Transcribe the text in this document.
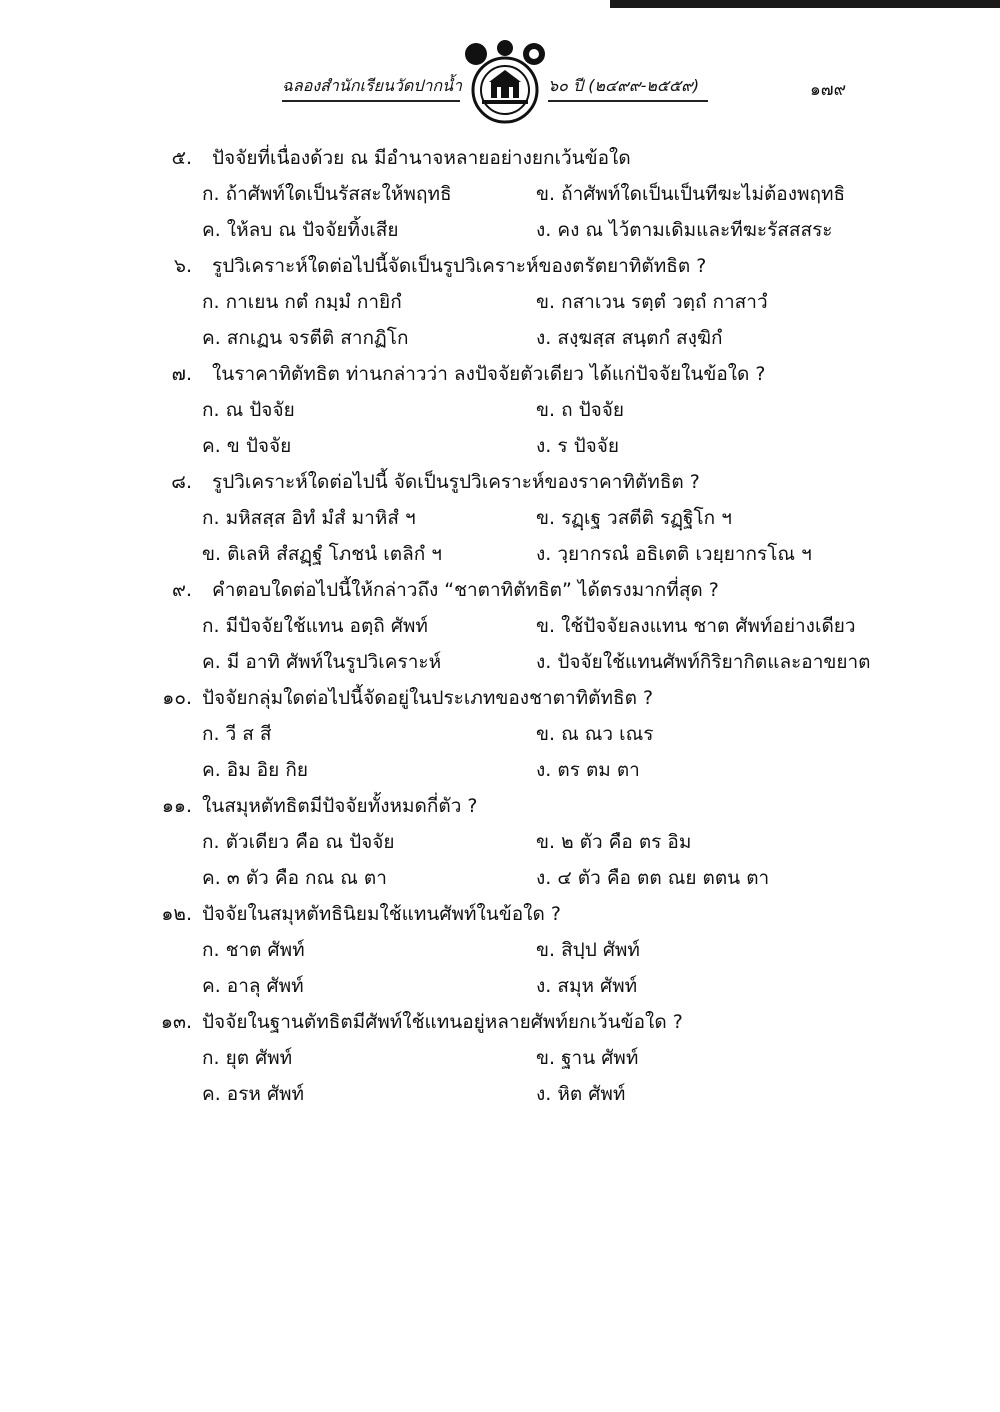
ฉลองสำนักเรียนวัดปากน้ำ	๖๐ ปี (๒๔๙๙-๒๕๕๙)	๑๗๙
๕. ปัจจัยที่เนื่องด้วย ณ มีอำนาจหลายอย่างยกเว้นข้อใด
ก. ถ้าศัพท์ใดเป็นรัสสะให้พฤทธิ	ข. ถ้าศัพท์ใดเป็นเป็นทีฆะไม่ต้องพฤทธิ
ค. ให้ลบ ณ ปัจจัยทิ้งเสีย	ง. คง ณ ไว้ตามเดิมและทีฆะรัสสสระ
๖. รูปวิเคราะห์ใดต่อไปนี้จัดเป็นรูปวิเคราะห์ของตรัตยาทิตัทธิต ?
ก. กาเยน กตํ กมฺมํ กายิกํ	ข. กสาเวน รตฺตํ วตฺถํ กาสาวํ
ค. สกเฏน จรตีติ สากฏิโก	ง. สงฺฆสฺส สนฺตกํ สงฺฆิกํ
๗. ในราคาทิตัทธิต ท่านกล่าวว่า ลงปัจจัยตัวเดียว ได้แก่ปัจจัยในข้อใด ?
ก. ณ ปัจจัย	ข. ถ ปัจจัย
ค. ข ปัจจัย	ง. ร ปัจจัย
๘. รูปวิเคราะห์ใดต่อไปนี้ จัดเป็นรูปวิเคราะห์ของราคาทิตัทธิต ?
ก. มหิสสฺส อิทํ มํสํ มาหิสํ ฯ	ข. รฏฺเฐ วสตีติ รฏฺฐิโก ฯ
ข. ติเลหิ สํสฏฺฐํ โภชนํ เตลิกํ ฯ	ง. วฺยากรณํ อธิเตติ เวยฺยากรโณ ฯ
๙. คำตอบใดต่อไปนี้ให้กล่าวถึง “ชาตาทิตัทธิต” ได้ตรงมากที่สุด ?
ก. มีปัจจัยใช้แทน อตฺถิ ศัพท์	ข. ใช้ปัจจัยลงแทน ชาต ศัพท์อย่างเดียว
ค. มี อาทิ ศัพท์ในรูปวิเคราะห์	ง. ปัจจัยใช้แทนศัพท์กิริยากิตและอาขยาต
๑๐. ปัจจัยกลุ่มใดต่อไปนี้จัดอยู่ในประเภทของชาตาทิตัทธิต ?
ก. วี ส สี	ข. ณ ณว เณร
ค. อิม อิย กิย	ง. ตร ตม ตา
๑๑. ในสมุหตัทธิตมีปัจจัยทั้งหมดกี่ตัว ?
ก. ตัวเดียว คือ ณ ปัจจัย	ข. ๒ ตัว คือ ตร อิม
ค. ๓ ตัว คือ กณ ณ ตา	ง. ๔ ตัว คือ ตต ณย ตตน ตา
๑๒. ปัจจัยในสมุหตัทธินิยมใช้แทนศัพท์ในข้อใด ?
ก. ชาต ศัพท์	ข. สิปฺป ศัพท์
ค. อาลุ ศัพท์	ง. สมุห ศัพท์
๑๓. ปัจจัยในฐานตัทธิตมีศัพท์ใช้แทนอยู่หลายศัพท์ยกเว้นข้อใด ?
ก. ยุต ศัพท์	ข. ฐาน ศัพท์
ค. อรห ศัพท์	ง. หิต ศัพท์
